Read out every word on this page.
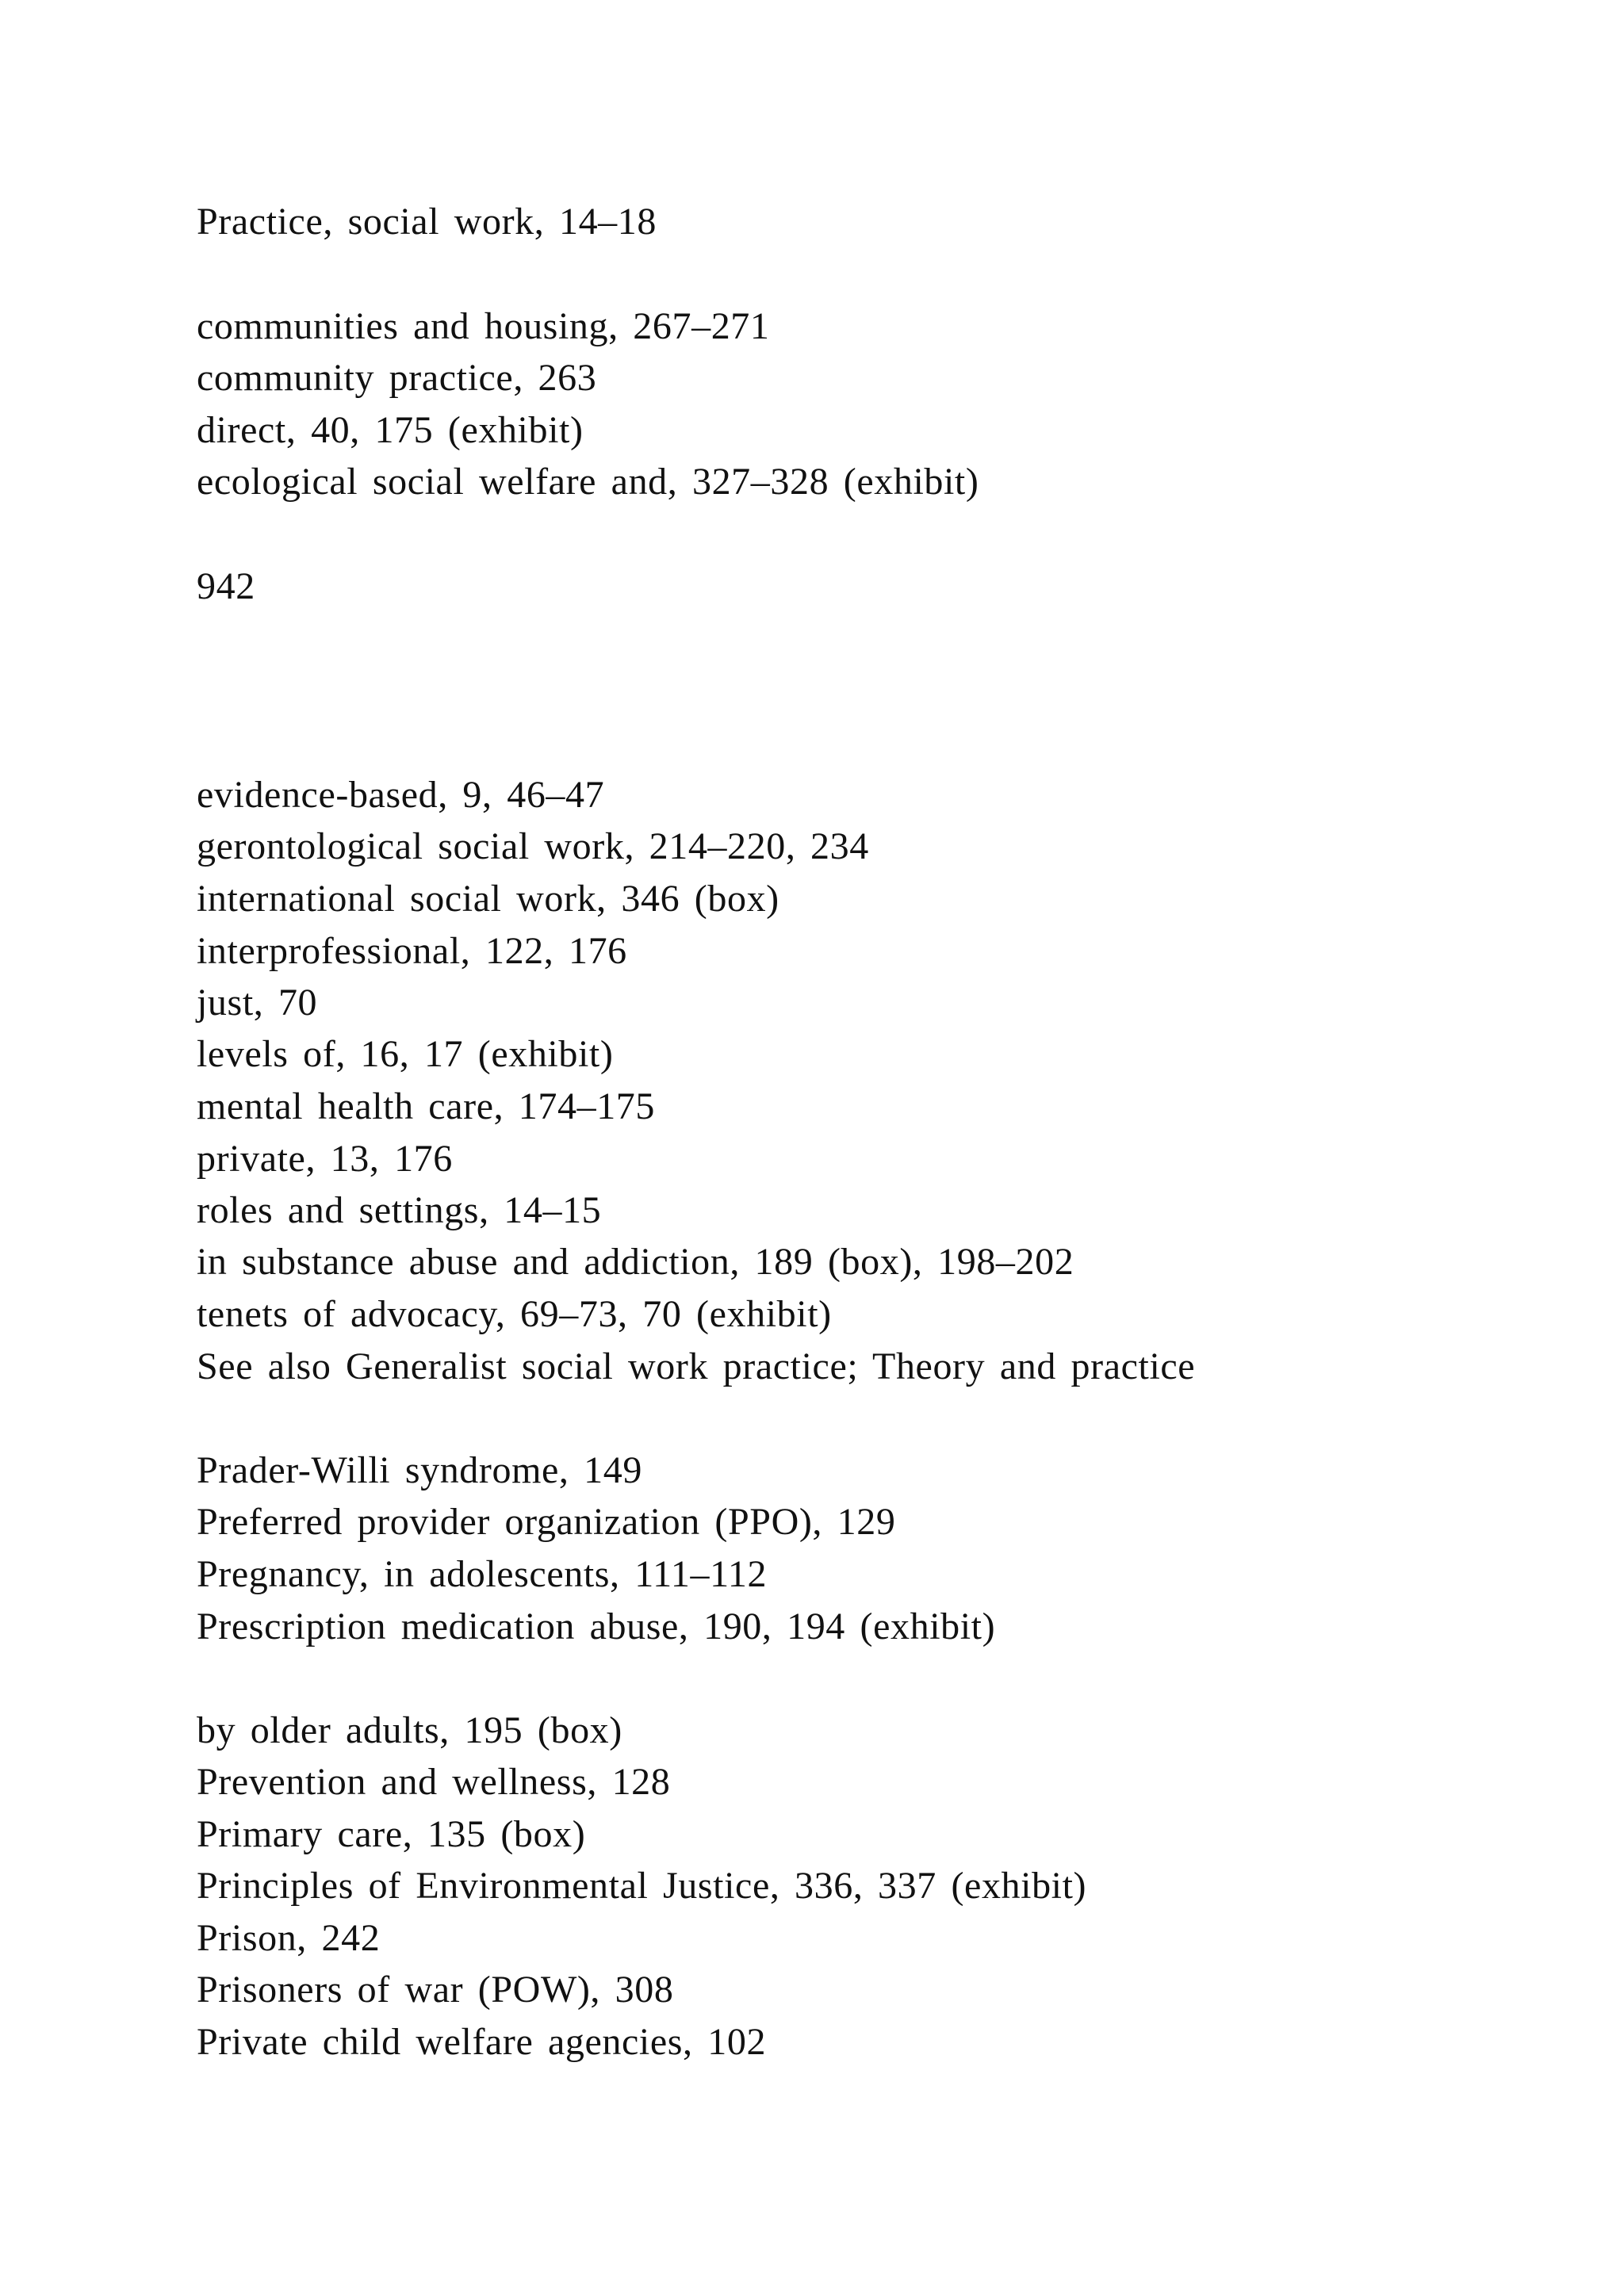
Practice, social work, 14–18
communities and housing, 267–271
community practice, 263
direct, 40, 175 (exhibit)
ecological social welfare and, 327–328 (exhibit)
942
evidence-based, 9, 46–47
gerontological social work, 214–220, 234
international social work, 346 (box)
interprofessional, 122, 176
just, 70
levels of, 16, 17 (exhibit)
mental health care, 174–175
private, 13, 176
roles and settings, 14–15
in substance abuse and addiction, 189 (box), 198–202
tenets of advocacy, 69–73, 70 (exhibit)
See also Generalist social work practice; Theory and practice
Prader-Willi syndrome, 149
Preferred provider organization (PPO), 129
Pregnancy, in adolescents, 111–112
Prescription medication abuse, 190, 194 (exhibit)
by older adults, 195 (box)
Prevention and wellness, 128
Primary care, 135 (box)
Principles of Environmental Justice, 336, 337 (exhibit)
Prison, 242
Prisoners of war (POW), 308
Private child welfare agencies, 102
